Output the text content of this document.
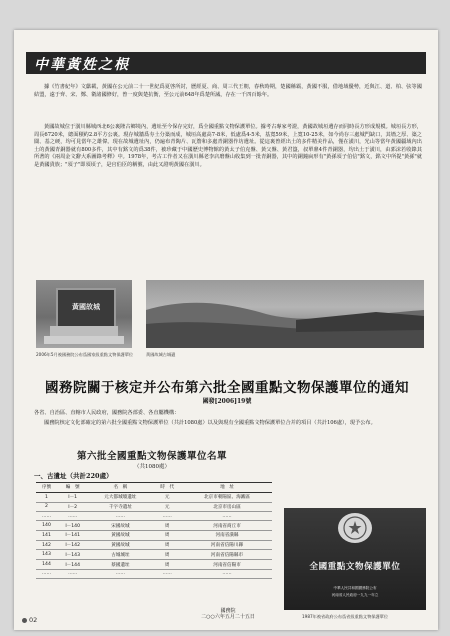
中華黃姓之根
據《竹書紀年》文獻載，黃國在公元前二十一世紀爲夏啓所封，歷經夏、商、周三代王朝，春秋時期，楚國稱霸，黃國不服，借地域優勢，近與江、道、柏、弦等國結盟，遠于齊、宋、鄭、衛諸國修好，曾一度與楚抗衡，至公元前648年爲楚所滅，存在一千四百餘年。
黃國故城位于潢川縣城西北6公裏隆古鄉境內，遺址至今保存完好，爲全國重點文物保護單位。據考古專家考證，黃國故城垣遺存而同時長方形成規模。城垣長方形，周長6720米，總面積約2.8平方公裏。現存城牆爲夯土分築而成，城垣高處高7-8米，低處爲4-5米，基寬59米，上寬10-25米，如今尚存三處城門缺口，其墻之厚、築之闊、基之硬，均可見當年之雄偉。現在故城遺址內，仍遍布青陶片、瓦簷和多處青銅器作坊遺址。從這裏曾經出土的多件精美作品，僅在潢川，光山等當年黃國疆域內出土的黃國青銅器就有800多件，其中有銘文的爲38件，被珍藏于中國歷史博物館的黃太子伯克盤、黃父盤、黃君簋，叔單鼎4件青銅器，均出土于潢川，由郭沫若收錄其所著的《兩周金文辭大系圖錄考釋》中。1978年，考古工作者又在潢川縣老李店磨盤山收集到一批青銅器，其中的銅鐘扁形有"黃孫須子伯信"銘文，銘文中所提"黃孫"就是黃國貴族；"須子"即須頃子，是官伯臣的稱號，由此又證明黃國在潢川。
黃國故城
2006年5月被國務院公布爲國家級重點文物保護單位	黃國故城古城遺
國務院關于核定并公布第六批全國重點文物保護單位的通知
國發[2006]19號
各省、自治區、直轄市人民政府，國務院各部委、各直屬機構：
國務院核定文化部確定的第六批全國重點文物保護單位（共計1080處）以及與現有全國重點文物保護單位合并的項目（共計106處），現予公布。
第六批全國重點文物保護單位名單
（共1080處）
一、古遺址（共計220處）
序號	編　號	名　稱	時　代	地　址
1	Ⅰ－1	元大都城墻遺址	元	北京市朝陽區、海澱區
2	Ⅰ－2	千字寺遺址	元	北京市房山區
……	……	……	……	……
140	Ⅰ－140	宋國故城	周	河南省商丘市
141	Ⅰ－141	黃國故城	周	河南省潢縣
142	Ⅰ－142	黃國故城	周	河南省信陽川縣
143	Ⅰ－143	古城城址	周	河南省信陽縣市
144	Ⅰ－144	蔡國遺址	周	河南省信陽市
……	……	……	……	……
國務院
二○○六年五月二十五日
全國重點文物保護單位
中華人民共和國國務院公布
河南省人民政府一九九一年立
1987年被省政府公布爲省級重點文物保護單位
02
